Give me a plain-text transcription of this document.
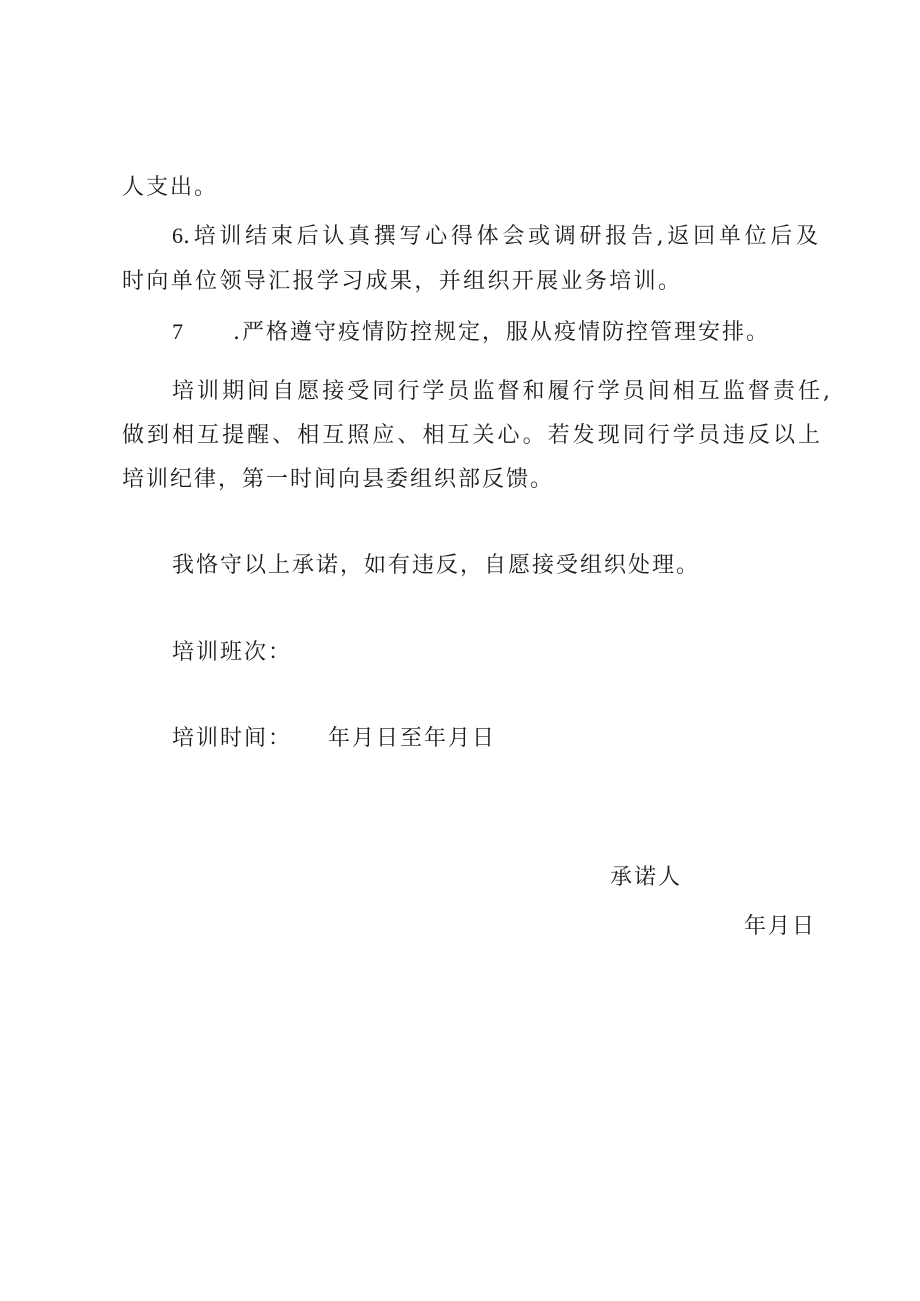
人支出。
6.培训结束后认真撰写心得体会或调研报告,返回单位后及
时向单位领导汇报学习成果，并组织开展业务培训。
7 .严格遵守疫情防控规定，服从疫情防控管理安排。
培训期间自愿接受同行学员监督和履行学员间相互监督责任,
做到相互提醒、相互照应、相互关心。若发现同行学员违反以上
培训纪律，第一时间向县委组织部反馈。
我恪守以上承诺，如有违反，自愿接受组织处理。
培训班次：
培训时间： 年月日至年月日
承诺人
年月日
